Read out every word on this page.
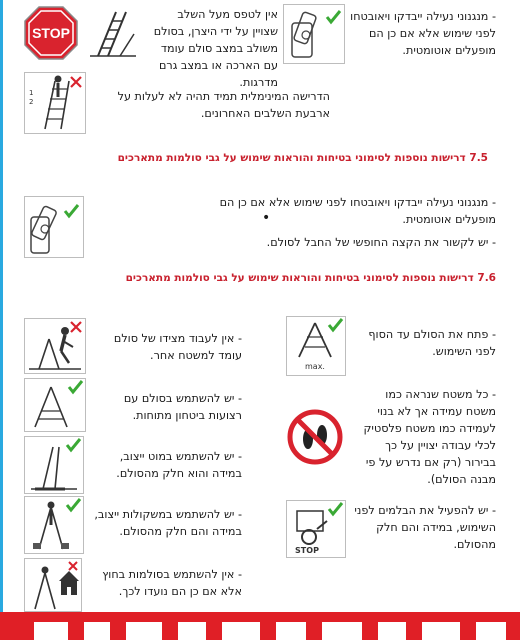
STOP
אין לטפס מעל השלב שצויין על ידי היצרן, בסולם משולב במצב סולם עומד עם הארכה או במצב גרם מדרגות.
- מנגנוני נעילה ייבדקו ויאובטחו לפני שימוש אלא אם כן הם מופעלים אוטומטית.
1
2	הדרישה המינימלית תמיד תהיה לא לעלות על ארבעת השלבים האחרונים.
7.5 דרישות נוספות לסימוני בטיחות והוראות שימוש על גבי סולמות מתארכים
- מנגנוני נעילה ייבדקו ויאובטחו לפני שימוש אלא אם כן הם מופעלים אוטומטית.
•
- יש לקשור את הקצה החופשי של החבל לסולם.
7.6 דרישות נוספות לסימוני בטיחות והוראות שימוש על גבי סולמות מתארכים
- אין לעבוד מצידו של סולם עומד למשטח אחר.
- יש להשתמש בסולם עם רצועות ביטחון מתוחות.
- יש להשתמש במוט ייצוב, במידה והוא חלק מהסולם.
- יש להשתמש במשקולות ייצוב, במידה והם חלק מהסולם.
- אין להשתמש בסולמות בחוץ אלא אם כן הם נועדו לכך.
max.
STOP
- פתח את הסולם עד הסוף לפני השימוש.
- כל משטח שנראה כמו משטח עמידה אך לא בנוי לעמידה כמו משטח פלסטיק לכלי עבודה יצויין על כך בבירור (רק אם נדרש על פי מבנה הסולם).
- יש להפעיל את הבלמים לפני השימוש, במידה והם חלק מהסולם.
